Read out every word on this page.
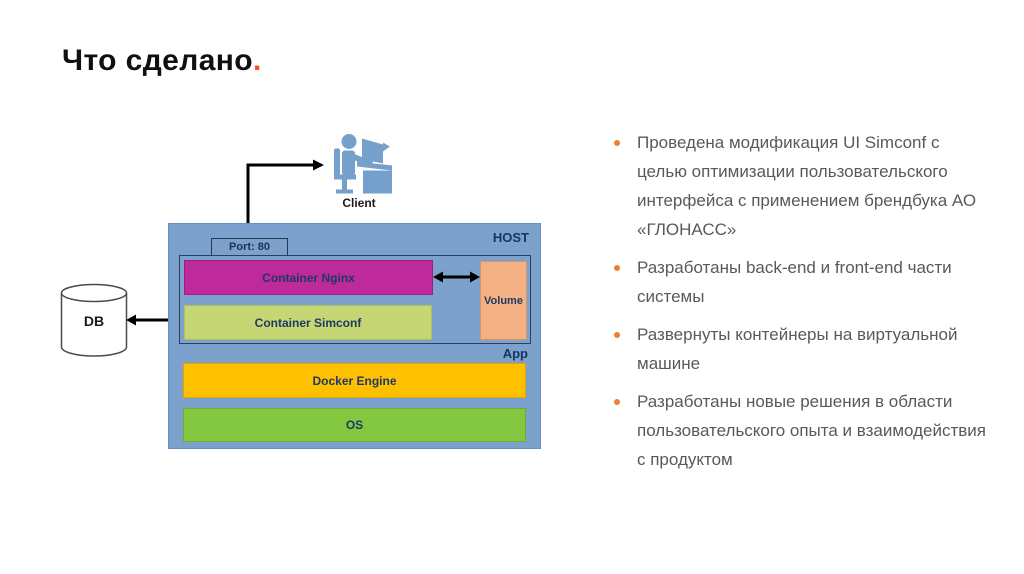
Что сделано.
Client
DB
HOST
Port: 80
Container Nginx
Container Simconf
Volume
App
Docker Engine
OS
Проведена модификация UI Simconf с целью оптимизации пользовательского интерфейса с применением брендбука АО «ГЛОНАСС»
Разработаны back-end и front-end части системы
Развернуты контейнеры на виртуальной машине
Разработаны новые решения в области пользовательского опыта и взаимодействия с продуктом
